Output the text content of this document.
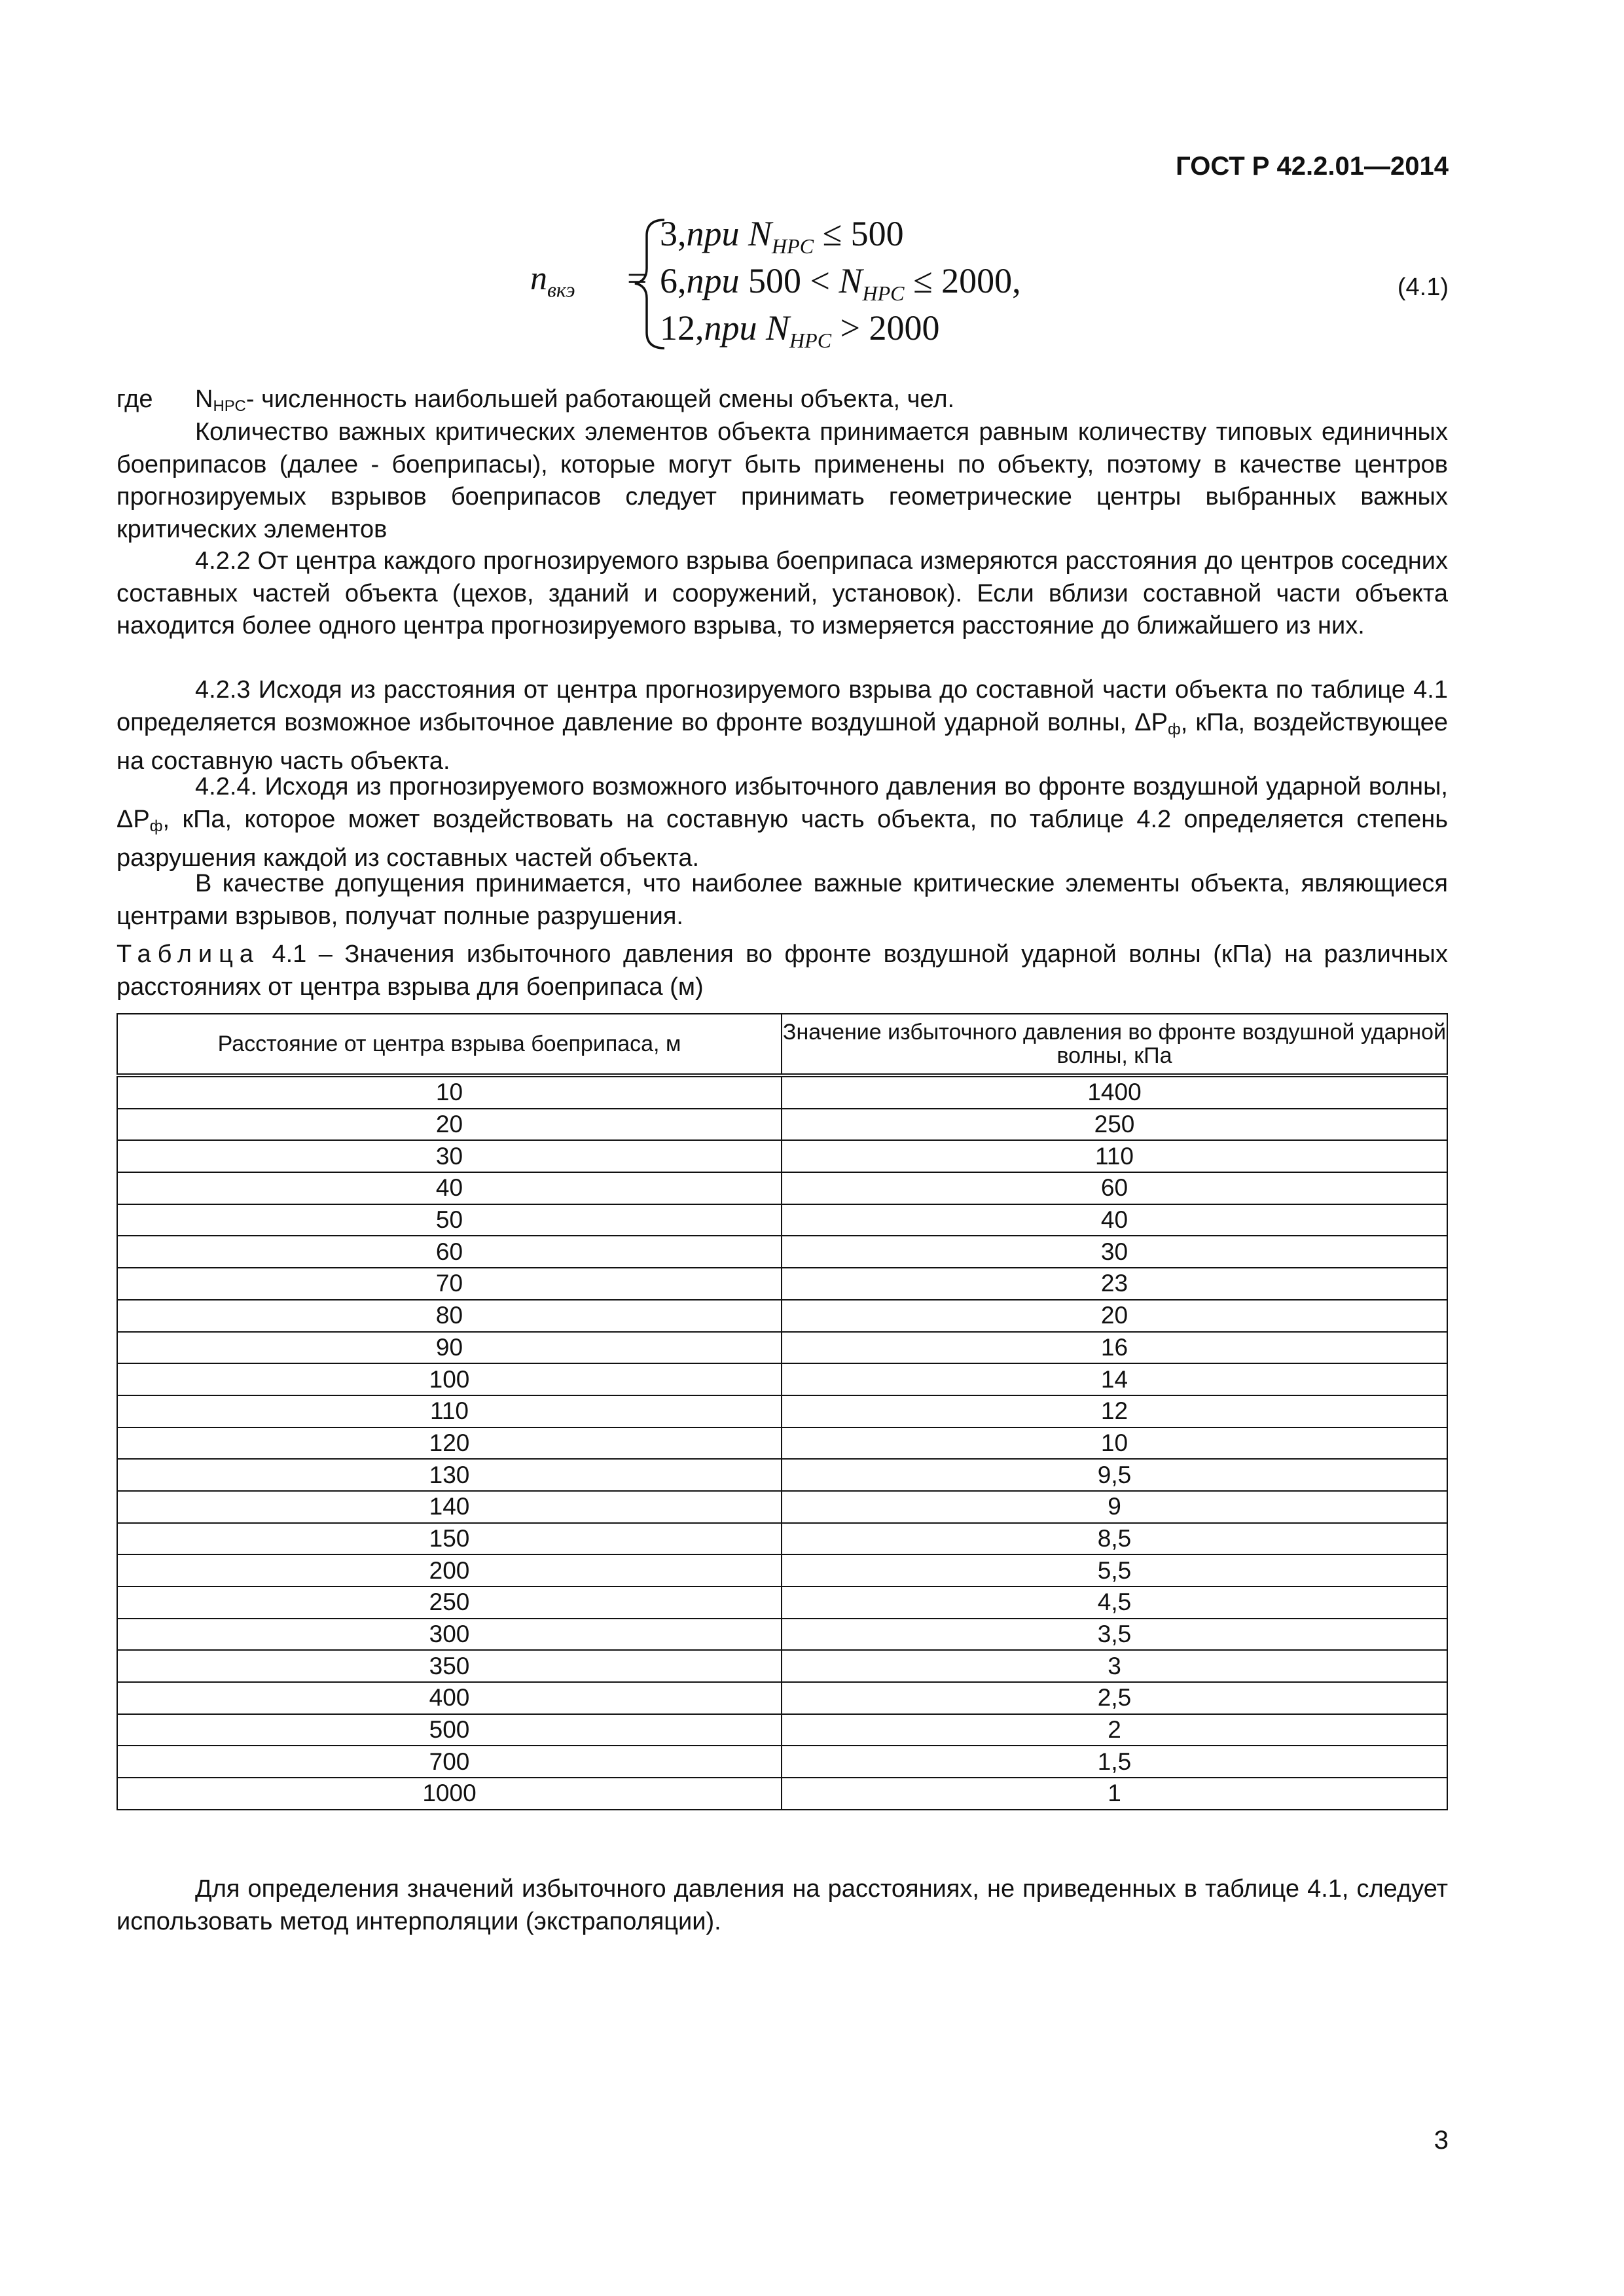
ГОСТ Р 42.2.01—2014
$n_{вкэ}$ =
3,при $N_{НРС} \le 500$
6,при $500 < N_{НРС} \le 2000$,
12,при $N_{НРС} > 2000$
(4.1)
где $N_{НРС}-$ численность наибольшей работающей смены объекта, чел.
Количество важных критических элементов объекта принимается равным количеству типовых единичных боеприпасов (далее - боеприпасы), которые могут быть применены по объекту, поэтому в качестве центров прогнозируемых взрывов боеприпасов следует принимать геометрические центры выбранных важных критических элементов
4.2.2 От центра каждого прогнозируемого взрыва боеприпаса измеряются расстояния до центров соседних составных частей объекта (цехов, зданий и сооружений, установок). Если вблизи составной части объекта находится более одного центра прогнозируемого взрыва, то измеряется расстояние до ближайшего из них.
4.2.3 Исходя из расстояния от центра прогнозируемого взрыва до составной части объекта по таблице 4.1 определяется возможное избыточное давление во фронте воздушной ударной волны, $\Delta Р_ф$, кПа, воздействующее на составную часть объекта.
4.2.4. Исходя из прогнозируемого возможного избыточного давления во фронте воздушной ударной волны, $\Delta Р_ф$, кПа, которое может воздействовать на составную часть объекта, по таблице 4.2 определяется степень разрушения каждой из составных частей объекта.
В качестве допущения принимается, что наиболее важные критические элементы объекта, являющиеся центрами взрывов, получат полные разрушения.
Таблица 4.1 – Значения избыточного давления во фронте воздушной ударной волны (кПа) на различных расстояниях от центра взрыва для боеприпаса (м)
Расстояние от центра взрыва боеприпаса, м	Значение избыточного давления во фронте воздушной ударной волны, кПа
10	1400
20	250
30	110
40	60
50	40
60	30
70	23
80	20
90	16
100	14
110	12
120	10
130	9,5
140	9
150	8,5
200	5,5
250	4,5
300	3,5
350	3
400	2,5
500	2
700	1,5
1000	1
Для определения значений избыточного давления на расстояниях, не приведенных в таблице 4.1, следует использовать метод интерполяции (экстраполяции).
3
